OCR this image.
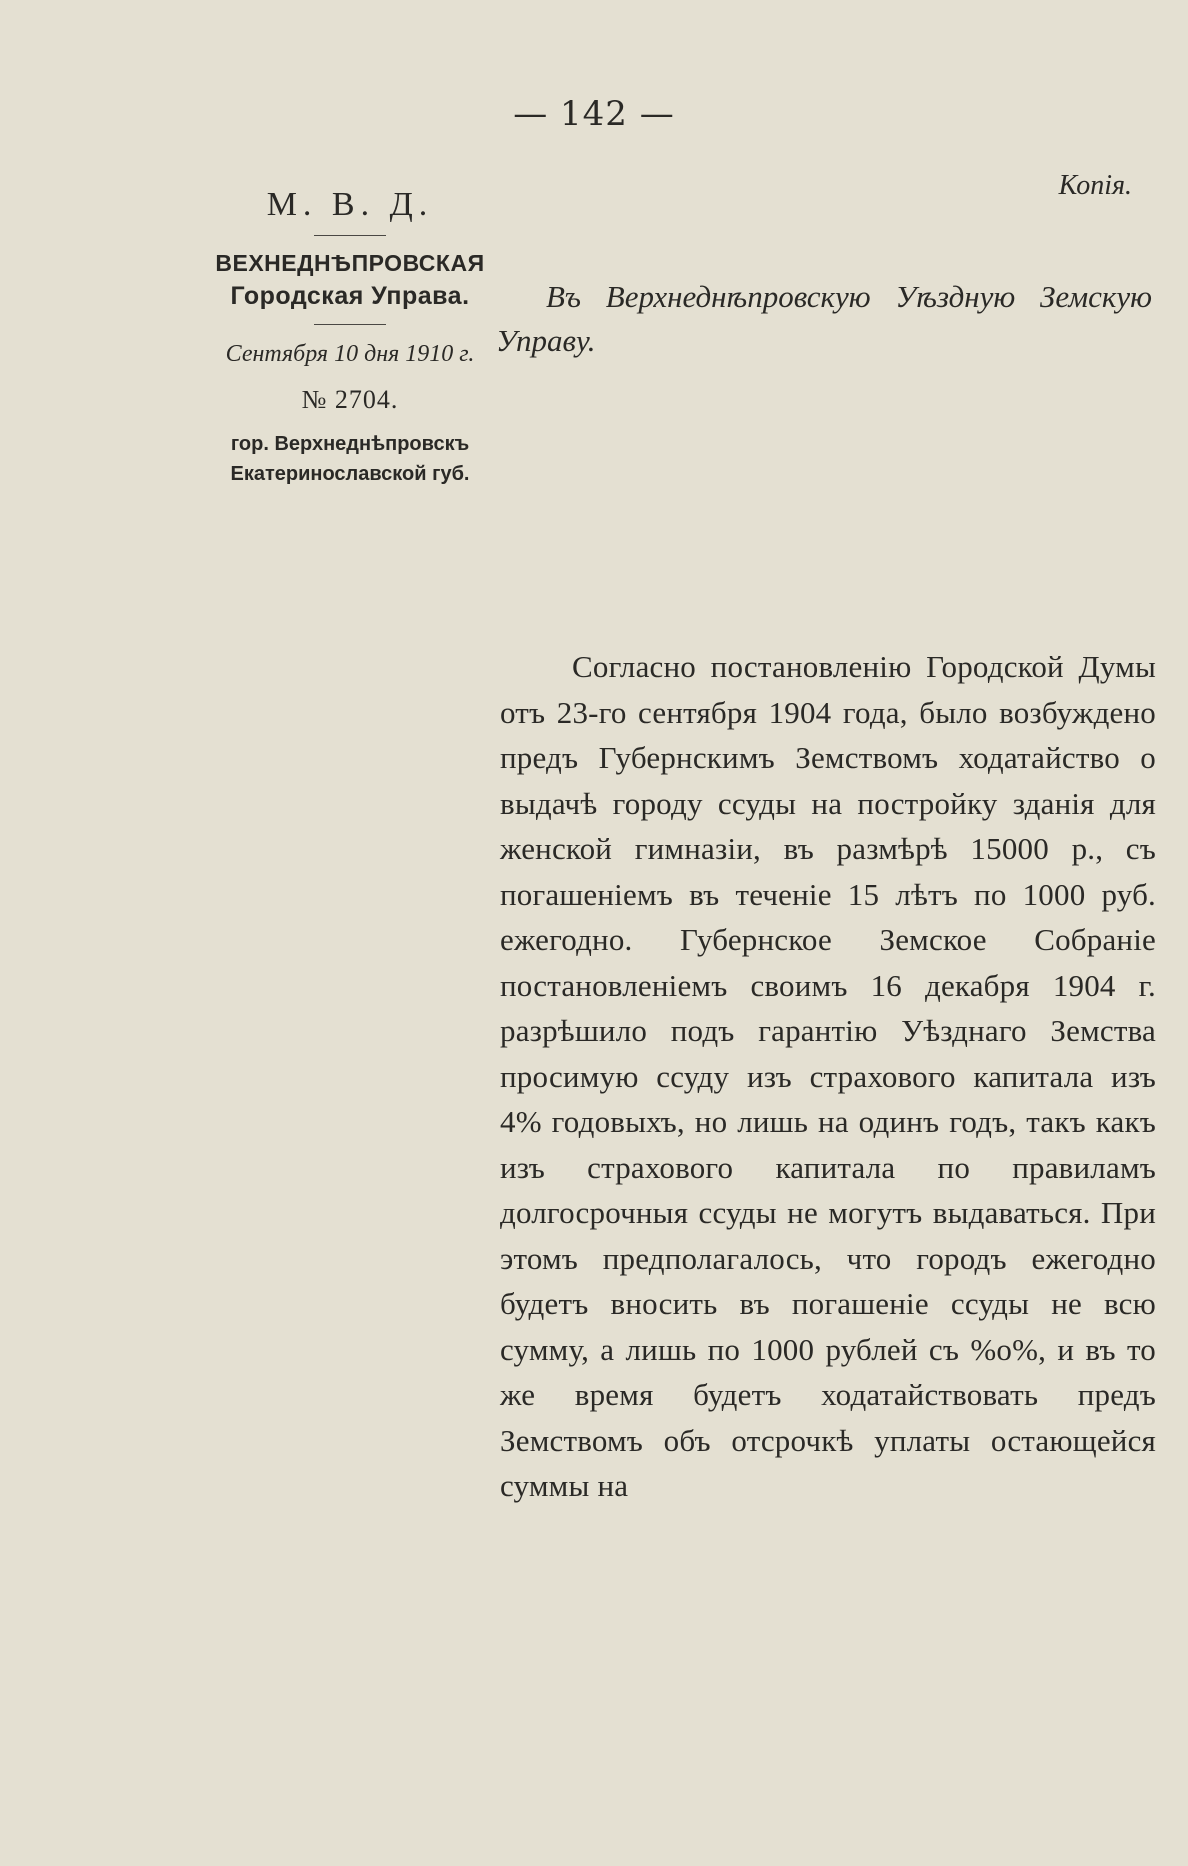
— 142 —
Копія.
М. В. Д.
ВЕХНЕДНѢПРОВСКАЯ
Городская Управа.
Сентября 10 дня 1910 г.
№ 2704.
гор. Верхнеднѣпровскъ
Екатеринославской губ.
Въ Верхнеднѣпровскую Уѣздную Земскую Управу.
Согласно постановленію Городской Думы отъ 23-го сентября 1904 года, было возбуждено предъ Губернскимъ Земствомъ ходатайство о выдачѣ городу ссуды на постройку зданія для женской гимназіи, въ размѣрѣ 15000 р., съ погашеніемъ въ теченіе 15 лѣтъ по 1000 руб. ежегодно. Губернское Земское Собраніе постановленіемъ своимъ 16 декабря 1904 г. разрѣшило подъ гарантію Уѣзднаго Земства просимую ссуду изъ страхового капитала изъ 4% годовыхъ, но лишь на одинъ годъ, такъ какъ изъ страхового капитала по правиламъ долгосрочныя ссуды не могутъ выдаваться. При этомъ предполагалось, что городъ ежегодно будетъ вносить въ погашеніе ссуды не всю сумму, а лишь по 1000 рублей съ %о%, и въ то же время будетъ ходатайствовать предъ Земствомъ объ отсрочкѣ уплаты остающейся суммы на
